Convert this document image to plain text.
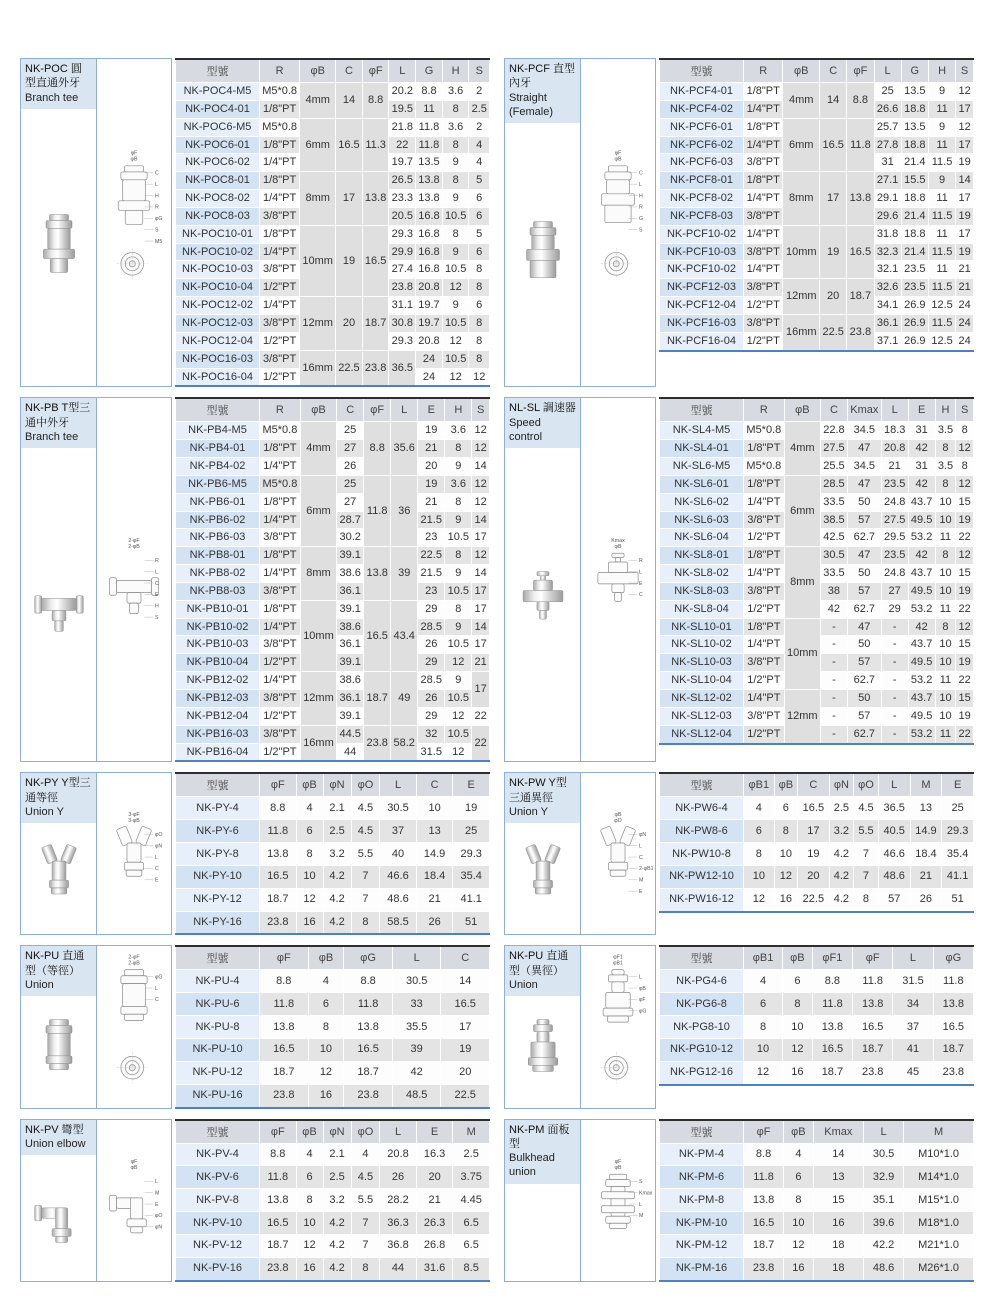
NK-POC 圓型直通外牙
Branch tee
φF
φB
C
L
H
R
φG
S
M5
型號	R	φB	C	φF	L	G	H	S
NK-POC4-M5	M5*0.8	4mm	14	8.8	20.2	8.8	3.6	2
NK-POC4-01	1/8"PT				19.5	11	8	2.5
NK-POC6-M5	M5*0.8	6mm	16.5	11.3	21.8	11.8	3.6	2
NK-POC6-01	1/8"PT				22	11.8	8	4
NK-POC6-02	1/4"PT				19.7	13.5	9	4
NK-POC8-01	1/8"PT	8mm	17	13.8	26.5	13.8	8	5
NK-POC8-02	1/4"PT				23.3	13.8	9	6
NK-POC8-03	3/8"PT				20.5	16.8	10.5	6
NK-POC10-01	1/8"PT	10mm	19	16.5	29.3	16.8	8	5
NK-POC10-02	1/4"PT				29.9	16.8	9	6
NK-POC10-03	3/8"PT				27.4	16.8	10.5	8
NK-POC10-04	1/2"PT				23.8	20.8	12	8
NK-POC12-02	1/4"PT	12mm	20	18.7	31.1	19.7	9	6
NK-POC12-03	3/8"PT				30.8	19.7	10.5	8
NK-POC12-04	1/2"PT				29.3	20.8	12	8
NK-POC16-03	3/8"PT	16mm	22.5	23.8	36.5	24	10.5	8
NK-POC16-04	1/2"PT					24	12	12
NK-PCF 直型內牙
Straight (Female)
φF
φB
C
L
H
R
G
S
型號	R	φB	C	φF	L	G	H	S
NK-PCF4-01	1/8"PT	4mm	14	8.8	25	13.5	9	12
NK-PCF4-02	1/4"PT				26.6	18.8	11	17
NK-PCF6-01	1/8"PT	6mm	16.5	11.8	25.7	13.5	9	12
NK-PCF6-02	1/4"PT				27.8	18.8	11	17
NK-PCF6-03	3/8"PT				31	21.4	11.5	19
NK-PCF8-01	1/8"PT	8mm	17	13.8	27.1	15.5	9	14
NK-PCF8-02	1/4"PT				29.1	18.8	11	17
NK-PCF8-03	3/8"PT				29.6	21.4	11.5	19
NK-PCF10-02	1/4"PT	10mm	19	16.5	31.8	18.8	11	17
NK-PCF10-03	3/8"PT				32.3	21.4	11.5	19
NK-PCF10-02	1/4"PT				32.1	23.5	11	21
NK-PCF12-03	3/8"PT	12mm	20	18.7	32.6	23.5	11.5	21
NK-PCF12-04	1/2"PT				34.1	26.9	12.5	24
NK-PCF16-03	3/8"PT	16mm	22.5	23.8	36.1	26.9	11.5	24
NK-PCF16-04	1/2"PT				37.1	26.9	12.5	24
NK-PB T型三通中外牙
Branch tee
2-φF
2-φB
R
L
C
E
H
S
型號	R	φB	C	φF	L	E	H	S
NK-PB4-M5	M5*0.8	4mm	25	8.8	35.6	19	3.6	12
NK-PB4-01	1/8"PT		27			21	8	12
NK-PB4-02	1/4"PT		26			20	9	14
NK-PB6-M5	M5*0.8	6mm	25	11.8	36	19	3.6	12
NK-PB6-01	1/8"PT		27			21	8	12
NK-PB6-02	1/4"PT		28.7			21.5	9	14
NK-PB6-03	3/8"PT		30.2			23	10.5	17
NK-PB8-01	1/8"PT	8mm	39.1	13.8	39	22.5	8	12
NK-PB8-02	1/4"PT		38.6			21.5	9	14
NK-PB8-03	3/8"PT		36.1			23	10.5	17
NK-PB10-01	1/8"PT	10mm	39.1	16.5	43.4	29	8	17
NK-PB10-02	1/4"PT		38.6			28.5	9	14
NK-PB10-03	3/8"PT		36.1			26	10.5	17
NK-PB10-04	1/2"PT		39.1			29	12	21
NK-PB12-02	1/4"PT	12mm	38.6	18.7	49	28.5	9	17
NK-PB12-03	3/8"PT		36.1			26	10.5	
NK-PB12-04	1/2"PT		39.1			29	12	22
NK-PB16-03	3/8"PT	16mm	44.5	23.8	58.2	32	10.5	22
NK-PB16-04	1/2"PT		44			31.5	12	
NL-SL 調速器
Speed control
Kmax
φB
R
L
E
C
型號	R	φB	C	Kmax	L	E	H	S
NK-SL4-M5	M5*0.8	4mm	22.8	34.5	18.3	31	3.5	8
NK-SL4-01	1/8"PT		27.5	47	20.8	42	8	12
NK-SL6-M5	M5*0.8		25.5	34.5	21	31	3.5	8
NK-SL6-01	1/8"PT	6mm	28.5	47	23.5	42	8	12
NK-SL6-02	1/4"PT		33.5	50	24.8	43.7	10	15
NK-SL6-03	3/8"PT		38.5	57	27.5	49.5	10	19
NK-SL6-04	1/2"PT		42.5	62.7	29.5	53.2	11	22
NK-SL8-01	1/8"PT	8mm	30.5	47	23.5	42	8	12
NK-SL8-02	1/4"PT		33.5	50	24.8	43.7	10	15
NK-SL8-03	3/8"PT		38	57	27	49.5	10	19
NK-SL8-04	1/2"PT		42	62.7	29	53.2	11	22
NK-SL10-01	1/8"PT	10mm	-	47	-	42	8	12
NK-SL10-02	1/4"PT		-	50	-	43.7	10	15
NK-SL10-03	3/8"PT		-	57	-	49.5	10	19
NK-SL10-04	1/2"PT		-	62.7	-	53.2	11	22
NK-SL12-02	1/4"PT	12mm	-	50	-	43.7	10	15
NK-SL12-03	3/8"PT		-	57	-	49.5	10	19
NK-SL12-04	1/2"PT		-	62.7	-	53.2	11	22
NK-PY Y型三通等徑
Union Y	3-φF
3-φB
φO
φN
L
C
E
型號	φF	φB	φN	φO	L	C	E
NK-PY-4	8.8	4	2.1	4.5	30.5	10	19
NK-PY-6	11.8	6	2.5	4.5	37	13	25
NK-PY-8	13.8	8	3.2	5.5	40	14.9	29.3
NK-PY-10	16.5	10	4.2	7	46.6	18.4	35.4
NK-PY-12	18.7	12	4.2	7	48.6	21	41.1
NK-PY-16	23.8	16	4.2	8	58.5	26	51
NK-PW Y型三通異徑
Union Y	φB
φO
φN
L
C
2-φB1
M
E
型號	φB1	φB	C	φN	φO	L	M	E
NK-PW6-4	4	6	16.5	2.5	4.5	36.5	13	25
NK-PW8-6	6	8	17	3.2	5.5	40.5	14.9	29.3
NK-PW10-8	8	10	19	4.2	7	46.6	18.4	35.4
NK-PW12-10	10	12	20	4.2	7	48.6	21	41.1
NK-PW16-12	12	16	22.5	4.2	8	57	26	51
NK-PU 直通型（等徑）
Union
2-φF
2-φB
φG
L
C
型號	φF	φB	φG	L	C
NK-PU-4	8.8	4	8.8	30.5	14
NK-PU-6	11.8	6	11.8	33	16.5
NK-PU-8	13.8	8	13.8	35.5	17
NK-PU-10	16.5	10	16.5	39	19
NK-PU-12	18.7	12	18.7	42	20
NK-PU-16	23.8	16	23.8	48.5	22.5
NK-PU 直通型（異徑）
Union
φF1
φB1
L
φB
φF
φG
型號	φB1	φB	φF1	φF	L	φG
NK-PG4-6	4	6	8.8	11.8	31.5	11.8
NK-PG6-8	6	8	11.8	13.8	34	13.8
NK-PG8-10	8	10	13.8	16.5	37	16.5
NK-PG10-12	10	12	16.5	18.7	41	18.7
NK-PG12-16	12	16	18.7	23.8	45	23.8
NK-PV 彎型
Union elbow
φF
φB
L
M
E
φO
φN
型號	φF	φB	φN	φO	L	E	M
NK-PV-4	8.8	4	2.1	4	20.8	16.3	2.5
NK-PV-6	11.8	6	2.5	4.5	26	20	3.75
NK-PV-8	13.8	8	3.2	5.5	28.2	21	4.45
NK-PV-10	16.5	10	4.2	7	36.3	26.3	6.5
NK-PV-12	18.7	12	4.2	7	36.8	26.8	6.5
NK-PV-16	23.8	16	4.2	8	44	31.6	8.5
NK-PM 面板型
Bulkhead union
φF
φB
S
Kmax
L
M
型號	φF	φB	Kmax	L	M
NK-PM-4	8.8	4	14	30.5	M10*1.0
NK-PM-6	11.8	6	13	32.9	M14*1.0
NK-PM-8	13.8	8	15	35.1	M15*1.0
NK-PM-10	16.5	10	16	39.6	M18*1.0
NK-PM-12	18.7	12	18	42.2	M21*1.0
NK-PM-16	23.8	16	18	48.6	M26*1.0
